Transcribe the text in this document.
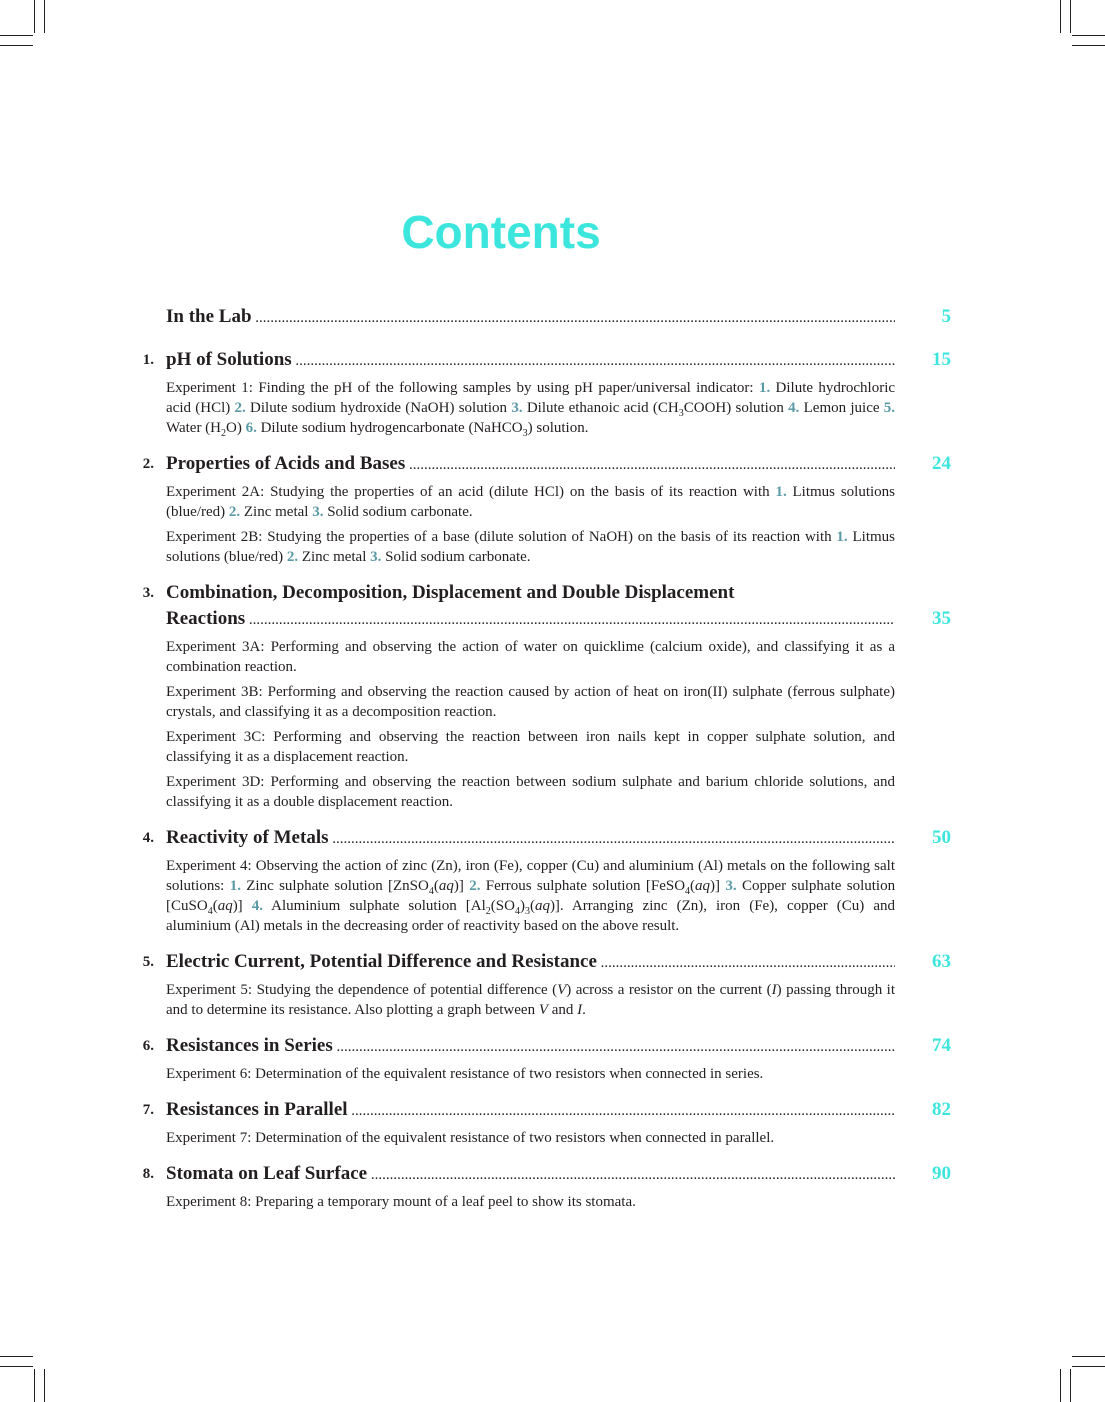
Contents
In the Lab .....	5
1. pH of Solutions .....	15
Experiment 1: Finding the pH of the following samples by using pH paper/universal indicator: 1. Dilute hydrochloric acid (HCl) 2. Dilute sodium hydroxide (NaOH) solution 3. Dilute ethanoic acid $(CH_3COOH)$ solution 4. Lemon juice 5. Water $(H_2O)$ 6. Dilute sodium hydrogencarbonate (NaHCO$_3$) solution.
2. Properties of Acids and Bases .....	24
Experiment 2A: Studying the properties of an acid (dilute HCl) on the basis of its reaction with 1. Litmus solutions (blue/red) 2. Zinc metal 3. Solid sodium carbonate.
Experiment 2B: Studying the properties of a base (dilute solution of NaOH) on the basis of its reaction with 1. Litmus solutions (blue/red) 2. Zinc metal 3. Solid sodium carbonate.
3. Combination, Decomposition, Displacement and Double Displacement
Reactions .....	35
Experiment 3A: Performing and observing the action of water on quicklime (calcium oxide), and classifying it as a combination reaction.
Experiment 3B: Performing and observing the reaction caused by action of heat on iron(II) sulphate (ferrous sulphate) crystals, and classifying it as a decomposition reaction.
Experiment 3C: Performing and observing the reaction between iron nails kept in copper sulphate solution, and classifying it as a displacement reaction.
Experiment 3D: Performing and observing the reaction between sodium sulphate and barium chloride solutions, and classifying it as a double displacement reaction.
4. Reactivity of Metals .....	50
Experiment 4: Observing the action of zinc (Zn), iron (Fe), copper (Cu) and aluminium (Al) metals on the following salt solutions: 1. Zinc sulphate solution [ZnSO$_4$(aq)] 2. Ferrous sulphate solution [FeSO$_4$(aq)] 3. Copper sulphate solution [CuSO$_4$(aq)] 4. Aluminium sulphate solution $[Al_2(SO_4)_3(aq)]$. Arranging zinc (Zn), iron (Fe), copper (Cu) and aluminium (Al) metals in the decreasing order of reactivity based on the above result.
5. Electric Current, Potential Difference and Resistance .....	63
Experiment 5: Studying the dependence of potential difference (V) across a resistor on the current (I) passing through it and to determine its resistance. Also plotting a graph between V and I.
6. Resistances in Series .....	74
Experiment 6: Determination of the equivalent resistance of two resistors when connected in series.
7. Resistances in Parallel .....	82
Experiment 7: Determination of the equivalent resistance of two resistors when connected in parallel.
8. Stomata on Leaf Surface .....	90
Experiment 8: Preparing a temporary mount of a leaf peel to show its stomata.
